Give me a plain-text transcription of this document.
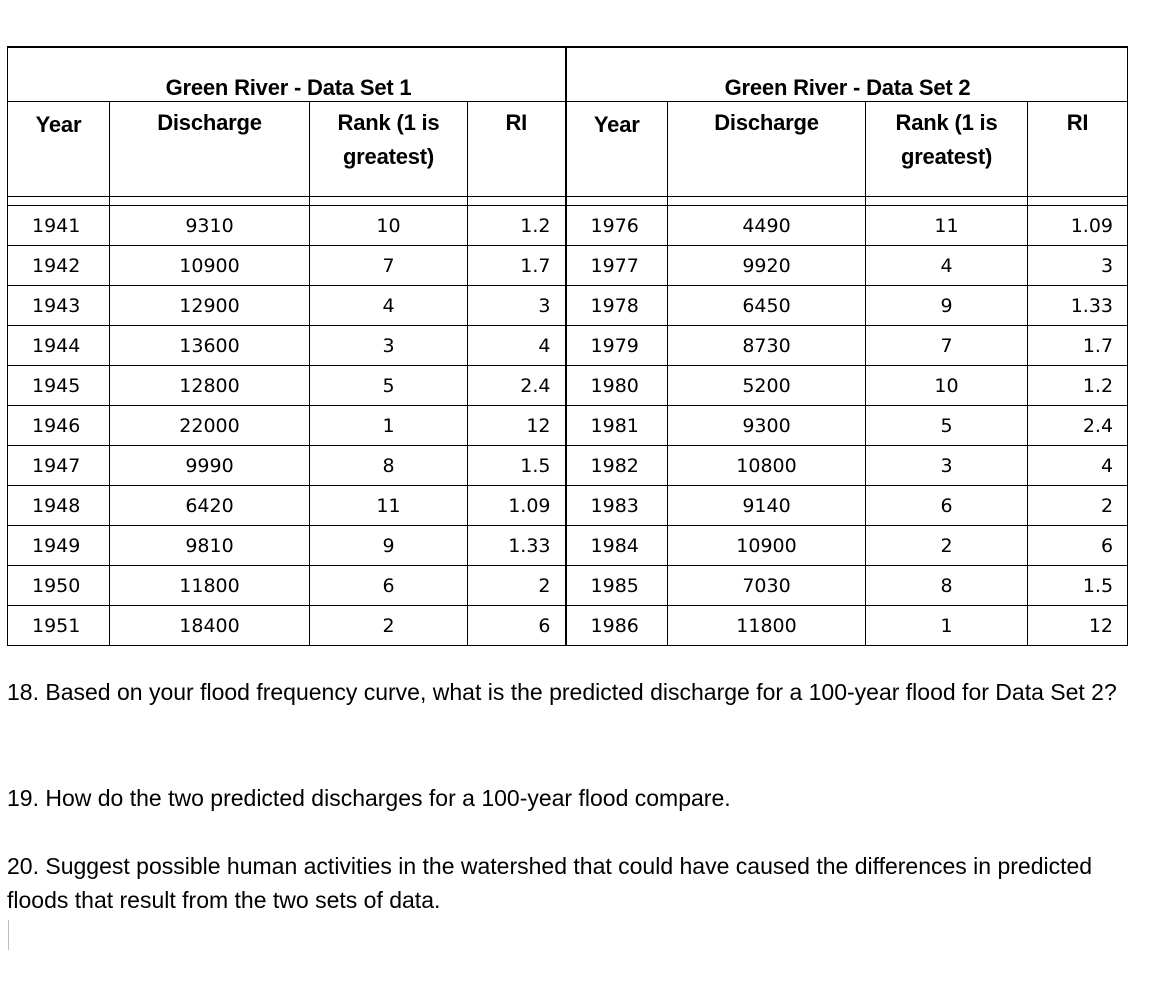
	Green River - Data Set 1				Green River - Data Set 2		
Year	Discharge	Rank (1 is greatest)	RI	Year	Discharge	Rank (1 is greatest)	RI

1941	9310	10	1.2	1976	4490	11	1.09
1942	10900	7	1.7	1977	9920	4	3
1943	12900	4	3	1978	6450	9	1.33
1944	13600	3	4	1979	8730	7	1.7
1945	12800	5	2.4	1980	5200	10	1.2
1946	22000	1	12	1981	9300	5	2.4
1947	9990	8	1.5	1982	10800	3	4
1948	6420	11	1.09	1983	9140	6	2
1949	9810	9	1.33	1984	10900	2	6
1950	11800	6	2	1985	7030	8	1.5
1951	18400	2	6	1986	11800	1	12

18. Based on your flood frequency curve, what is the predicted discharge for a 100-year flood for Data Set 2?

19. How do the two predicted discharges for a 100-year flood compare.

20. Suggest possible human activities in the watershed that could have caused the differences in predicted floods that result from the two sets of data.
